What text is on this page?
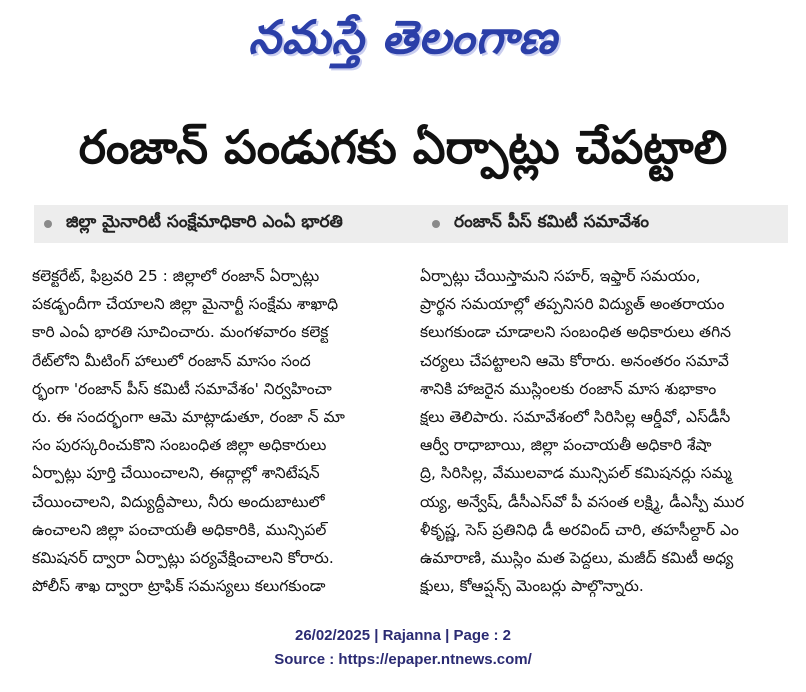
నమస్తే తెలంగాణ
రంజాన్ పండుగకు ఏర్పాట్లు చేపట్టాలి
జిల్లా మైనారిటీ సంక్షేమాధికారి ఎంఏ భారతి	రంజాన్ పీస్ కమిటీ సమావేశం
కలెక్టరేట్, ఫిబ్రవరి 25 : జిల్లాలో రంజాన్ ఏర్పాట్లు
పకడ్బందీగా చేయాలని జిల్లా మైనార్టీ సంక్షేమ శాఖాధి
కారి ఎంఏ భారతి సూచించారు. మంగళవారం కలెక్ట
రేట్‌లోని మీటింగ్ హాలులో రంజాన్ మాసం సంద
ర్భంగా 'రంజాన్ పీస్ కమిటీ సమావేశం' నిర్వహించా
రు. ఈ సందర్భంగా ఆమె మాట్లాడుతూ, రంజా న్ మా
సం పురస్కరించుకొని సంబంధిత జిల్లా అధికారులు
ఏర్పాట్లు పూర్తి చేయించాలని, ఈద్గాల్లో శానిటేషన్
చేయించాలని, విద్యుద్దీపాలు, నీరు అందుబాటులో
ఉంచాలని జిల్లా పంచాయతీ అధికారికి, మున్సిపల్
కమిషనర్ ద్వారా ఏర్పాట్లు పర్యవేక్షించాలని కోరారు.
పోలీస్ శాఖ ద్వారా ట్రాఫిక్ సమస్యలు కలుగకుండా
ఏర్పాట్లు చేయిస్తామని సహర్, ఇఫ్తార్ సమయం,
ప్రార్థన సమయాల్లో తప్పనిసరి విద్యుత్ అంతరాయం
కలుగకుండా చూడాలని సంబంధిత అధికారులు తగిన
చర్యలు చేపట్టాలని ఆమె కోరారు. అనంతరం సమావే
శానికి హాజరైన ముస్లింలకు రంజాన్ మాస శుభాకాం
క్షలు తెలిపారు. సమావేశంలో సిరిసిల్ల ఆర్డీవో, ఎస్‌డీసీ
ఆర్వీ రాధాబాయి, జిల్లా పంచాయతీ అధికారి శేషా
ద్రి, సిరిసిల్ల, వేములవాడ మున్సిపల్ కమిషనర్లు సమ్మ
య్య, అన్వేష్, డీసీఎస్‌వో పీ వసంత లక్ష్మి, డీఎస్పీ ముర
ళీకృష్ణ, సెస్ ప్రతినిధి డీ అరవింద్ చారి, తహసీల్దార్ ఎం
ఉమారాణి, ముస్లిం మత పెద్దలు, మజీద్ కమిటీ అధ్య
క్షులు, కోఆప్షన్స్ మెంబర్లు పాల్గొన్నారు.
26/02/2025 | Rajanna | Page : 2
Source : https://epaper.ntnews.com/
